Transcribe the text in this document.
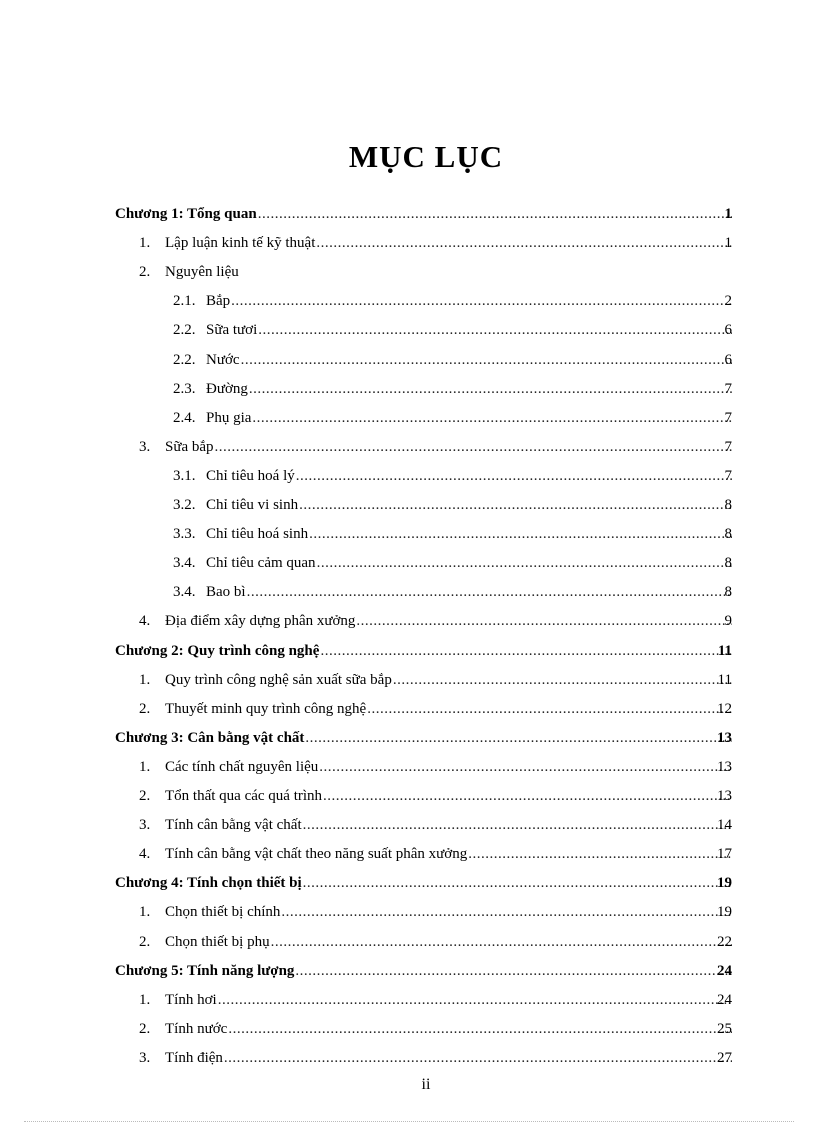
MỤC LỤC
Chương 1: Tổng quan .....	1
1. Lập luận kinh tế kỹ thuật .....	1
2. Nguyên liệu
2.1. Bắp .....	2
2.2. Sữa tươi .....	6
2.2. Nước .....	6
2.3. Đường .....	7
2.4. Phụ gia .....	7
3. Sữa bắp .....	7
3.1. Chỉ tiêu hoá lý .....	7
3.2. Chỉ tiêu vi sinh .....	8
3.3. Chỉ tiêu hoá sinh .....	8
3.4. Chỉ tiêu cảm quan .....	8
3.4. Bao bì .....	8
4. Địa điểm xây dựng phân xưởng .....	9
Chương 2: Quy trình công nghệ .....	11
1. Quy trình công nghệ sản xuất sữa bắp .....	11
2. Thuyết minh quy trình công nghệ .....	12
Chương 3: Cân bằng vật chất .....	13
1. Các tính chất nguyên liệu .....	13
2. Tổn thất qua các quá trình .....	13
3. Tính cân bằng vật chất .....	14
4. Tính cân bằng vật chất theo năng suất phân xưởng .....	17
Chương 4: Tính chọn thiết bị .....	19
1. Chọn thiết bị chính .....	19
2. Chọn thiết bị phụ .....	22
Chương 5: Tính năng lượng .....	24
1. Tính hơi .....	24
2. Tính nước .....	25
3. Tính điện .....	27
ii
